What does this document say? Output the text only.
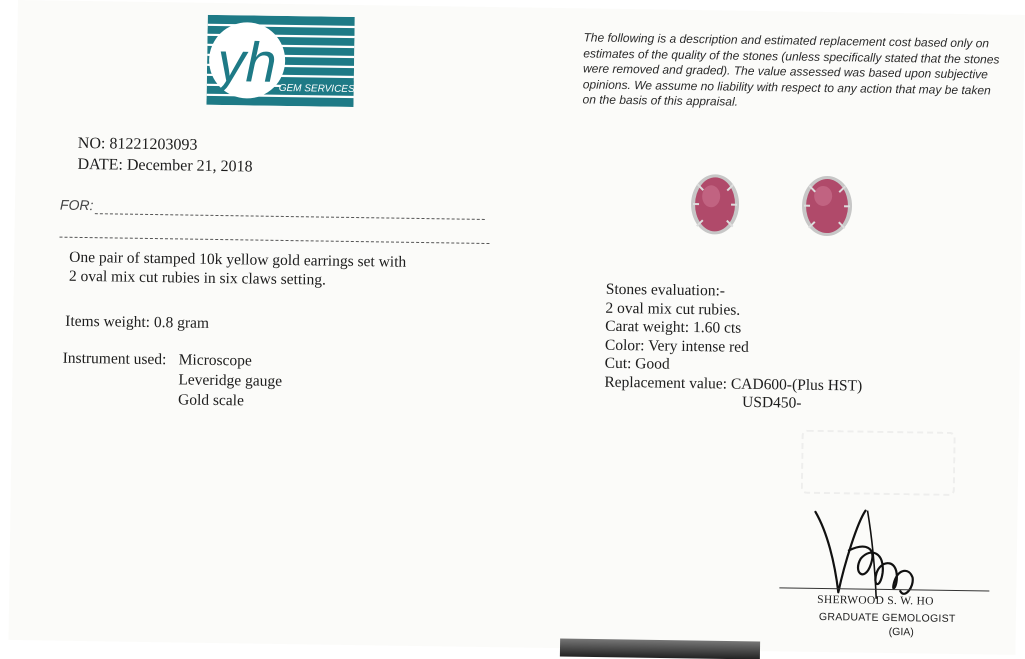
yh GEM SERVICES
NO: 81221203093
DATE: December 21, 2018
FOR:
One pair of stamped 10k yellow gold earrings set with
2 oval mix cut rubies in six claws setting.
Items weight: 0.8 gram
Instrument used: Microscope
Leveridge gauge
Gold scale
The following is a description and estimated replacement cost based only on estimates of the quality of the stones (unless specifically stated that the stones were removed and graded). The value assessed was based upon subjective opinions. We assume no liability with respect to any action that may be taken on the basis of this appraisal.
Stones evaluation:-
2 oval mix cut rubies.
Carat weight: 1.60 cts
Color: Very intense red
Cut: Good
Replacement value: CAD600-(Plus HST)
USD450-
SHERWOOD S. W. HO
GRADUATE GEMOLOGIST
(GIA)
